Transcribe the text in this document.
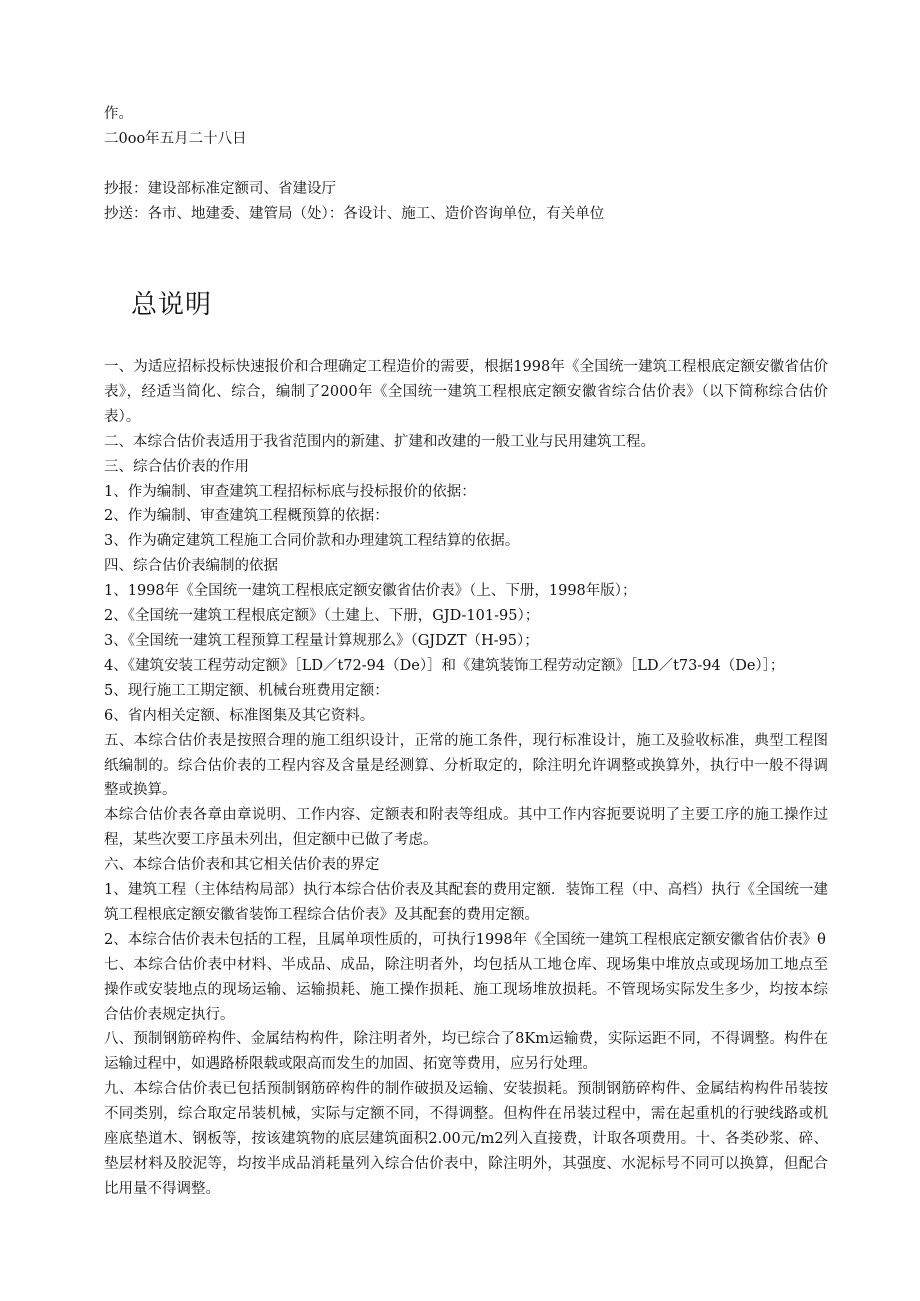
作。
二0oo年五月二十八日
抄报：建设部标准定额司、省建设厅
抄送：各市、地建委、建管局（处）：各设计、施工、造价咨询单位，有关单位
总说明

一、为适应招标投标快速报价和合理确定工程造价的需要，根据1998年《全国统一建筑工程根底定额安徽省估价表》，经适当简化、综合，编制了2000年《全国统一建筑工程根底定额安徽省综合估价表》（以下简称综合估价表）。

二、本综合估价表适用于我省范围内的新建、扩建和改建的一般工业与民用建筑工程。

三、综合估价表的作用

1、作为编制、审查建筑工程招标标底与投标报价的依据：

2、作为编制、审查建筑工程概预算的依据：

3、作为确定建筑工程施工合同价款和办理建筑工程结算的依据。

四、综合估价表编制的依据

1、1998年《全国统一建筑工程根底定额安徽省估价表》（上、下册，1998年版）；

2、《全国统一建筑工程根底定额》（土建上、下册，GJD-101-95）；

3、《全国统一建筑工程预算工程量计算规那么》（GJDZT（H-95）；

4、《建筑安装工程劳动定额》［LD／t72-94（De）］和《建筑装饰工程劳动定额》［LD／t73-94（De）］；

5、现行施工工期定额、机械台班费用定额：

6、省内相关定额、标准图集及其它资料。

五、本综合估价表是按照合理的施工组织设计，正常的施工条件，现行标准设计，施工及验收标准，典型工程图纸编制的。综合估价表的工程内容及含量是经测算、分析取定的，除注明允许调整或换算外，执行中一般不得调整或换算。

本综合估价表各章由章说明、工作内容、定额表和附表等组成。其中工作内容扼要说明了主要工序的施工操作过程，某些次要工序虽未列出，但定额中已做了考虑。

六、本综合估价表和其它相关估价表的界定

1、建筑工程（主体结构局部）执行本综合估价表及其配套的费用定额．装饰工程（中、高档）执行《全国统一建筑工程根底定额安徽省装饰工程综合估价表》及其配套的费用定额。

2、本综合估价表未包括的工程，且属单项性质的，可执行1998年《全国统一建筑工程根底定额安徽省估价表》θ

七、本综合估价表中材料、半成品、成品，除注明者外，均包括从工地仓库、现场集中堆放点或现场加工地点至操作或安装地点的现场运输、运输损耗、施工操作损耗、施工现场堆放损耗。不管现场实际发生多少，均按本综合估价表规定执行。

八、预制钢筋碎构件、金属结构构件，除注明者外，均已综合了8Km运输费，实际运距不同，不得调整。构件在运输过程中，如遇路桥限载或限高而发生的加固、拓宽等费用，应另行处理。

九、本综合估价表已包括预制钢筋碎构件的制作破损及运输、安装损耗。预制钢筋碎构件、金属结构构件吊装按不同类别，综合取定吊装机械，实际与定额不同，不得调整。但构件在吊装过程中，需在起重机的行驶线路或机座底垫道木、钢板等，按该建筑物的底层建筑面积2.00元/m2列入直接费，计取各项费用。十、各类砂浆、碎、垫层材料及胶泥等，均按半成品消耗量列入综合估价表中，除注明外，其强度、水泥标号不同可以换算，但配合比用量不得调整。
